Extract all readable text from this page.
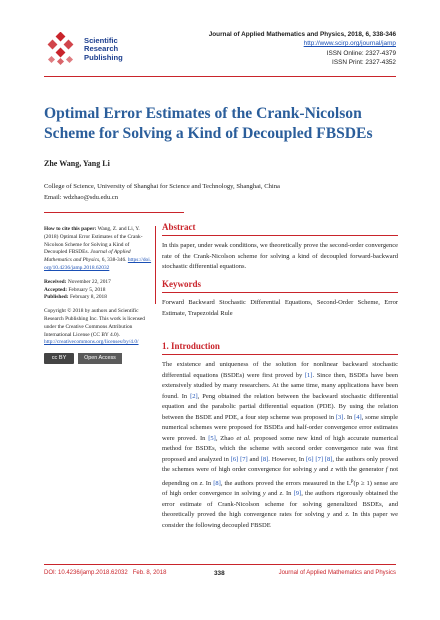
Scientific
Research
Publishing
Journal of Applied Mathematics and Physics, 2018, 6, 338-346
http://www.scirp.org/journal/jamp
ISSN Online: 2327-4379
ISSN Print: 2327-4352
Optimal Error Estimates of the Crank-Nicolson Scheme for Solving a Kind of Decoupled FBSDEs
Zhe Wang, Yang Li
College of Science, University of Shanghai for Science and Technology, Shanghai, China
Email: wdzhao@sdu.edu.cn

How to cite this paper: Wang, Z. and Li, Y. (2018) Optimal Error Estimates of the Crank-Nicolson Scheme for Solving a Kind of Decoupled FBSDEs. Journal of Applied Mathematics and Physics, 6, 338-346. https://doi.org/10.4236/jamp.2018.62032

Received: November 22, 2017
Accepted: February 5, 2018
Published: February 8, 2018

Copyright © 2018 by authors and Scientific Research Publishing Inc. This work is licensed under the Creative Commons Attribution International License (CC BY 4.0).
http://creativecommons.org/licenses/by/4.0/

cc BY	Open Access
Abstract
In this paper, under weak conditions, we theoretically prove the second-order convergence rate of the Crank-Nicolson scheme for solving a kind of decoupled forward-backward stochastic differential equations.
Keywords
Forward Backward Stochastic Differential Equations, Second-Order Scheme, Error Estimate, Trapezoidal Rule
1. Introduction

The existence and uniqueness of the solution for nonlinear backward stochastic differential equations (BSDEs) were first proved by [1]. Since then, BSDEs have been extensively studied by many researchers. At the same time, many applications have been found. In [2], Peng obtained the relation between the backward stochastic differential equation and the parabolic partial differential equation (PDE). By using the relation between the BSDE and PDE, a four step scheme was proposed in [3]. In [4], some simple numerical schemes were proposed for BSDEs and half-order convergence error estimates were proved. In [5], Zhao et al. proposed some new kind of high accurate numerical method for BSDEs, which the scheme with second order convergence rate was first proposed and analyzed in [6] [7] and [8]. However, In [6] [7] [8], the authors only proved the schemes were of high order convergence for solving y and z with the generator f not depending on z. In [8], the authors proved the errors measured in the $L^p(p \ge 1)$ sense are of high order convergence in solving y and z. In [9], the authors rigorously obtained the error estimate of Crank-Nicolson scheme for solving generalized BSDEs, and theoretically proved the high convergence rates for solving y and z. In this paper we consider the following decoupled FBSDE

DOI: 10.4236/jamp.2018.62032 Feb. 8, 2018	338	Journal of Applied Mathematics and Physics
